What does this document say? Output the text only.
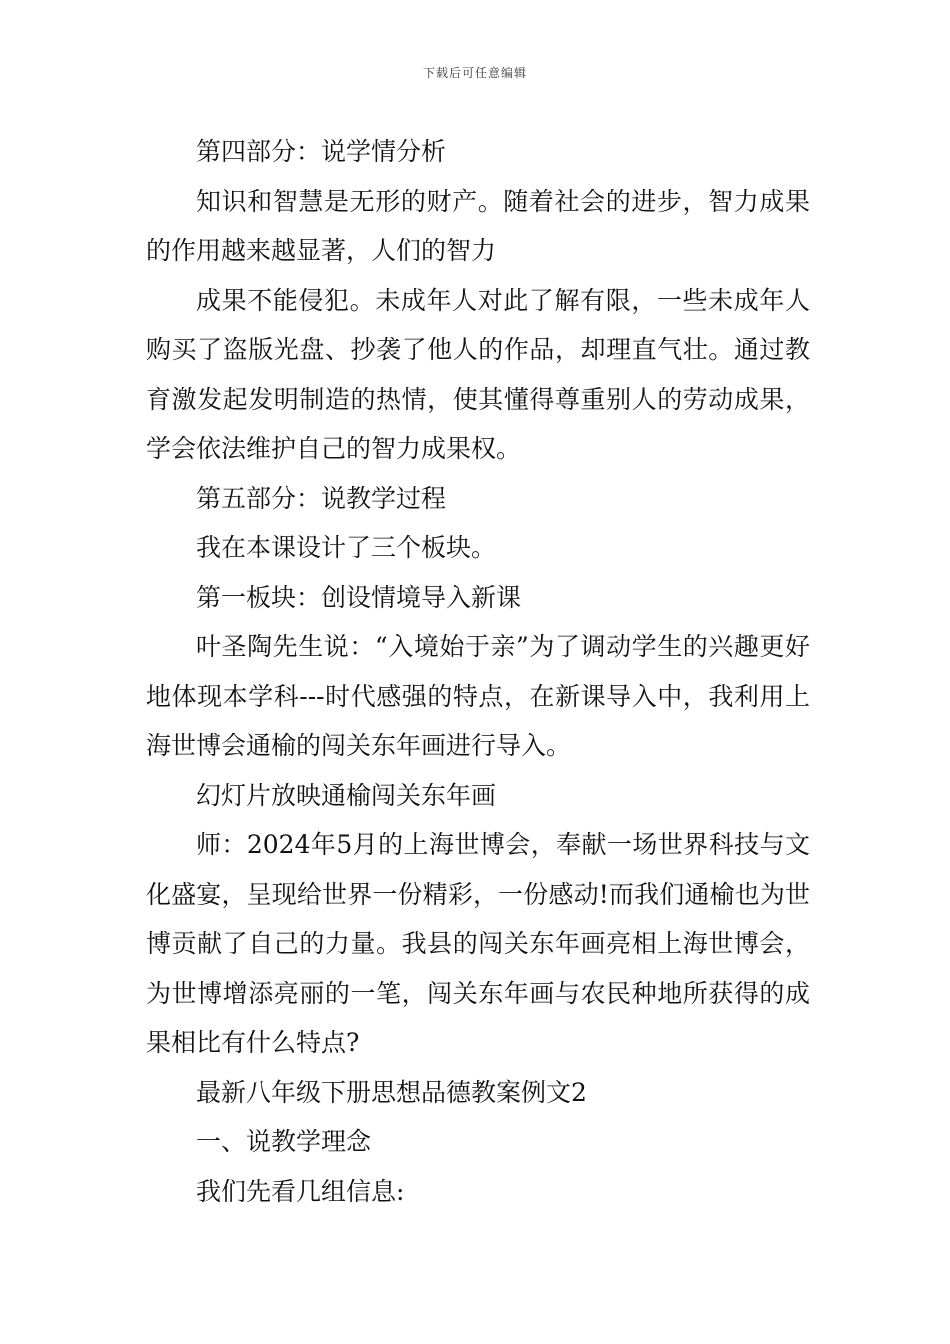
下载后可任意编辑

第四部分：说学情分析

知识和智慧是无形的财产。随着社会的进步，智力成果的作用越来越显著，人们的智力

成果不能侵犯。未成年人对此了解有限，一些未成年人购买了盗版光盘、抄袭了他人的作品，却理直气壮。通过教育激发起发明制造的热情，使其懂得尊重别人的劳动成果，学会依法维护自己的智力成果权。

第五部分：说教学过程

我在本课设计了三个板块。

第一板块：创设情境导入新课

叶圣陶先生说：“入境始于亲”为了调动学生的兴趣更好地体现本学科---时代感强的特点，在新课导入中，我利用上海世博会通榆的闯关东年画进行导入。

幻灯片放映通榆闯关东年画

师：2024年5月的上海世博会，奉献一场世界科技与文化盛宴，呈现给世界一份精彩，一份感动!而我们通榆也为世博贡献了自己的力量。我县的闯关东年画亮相上海世博会，为世博增添亮丽的一笔，闯关东年画与农民种地所获得的成果相比有什么特点?

最新八年级下册思想品德教案例文2

一、说教学理念

我们先看几组信息:
